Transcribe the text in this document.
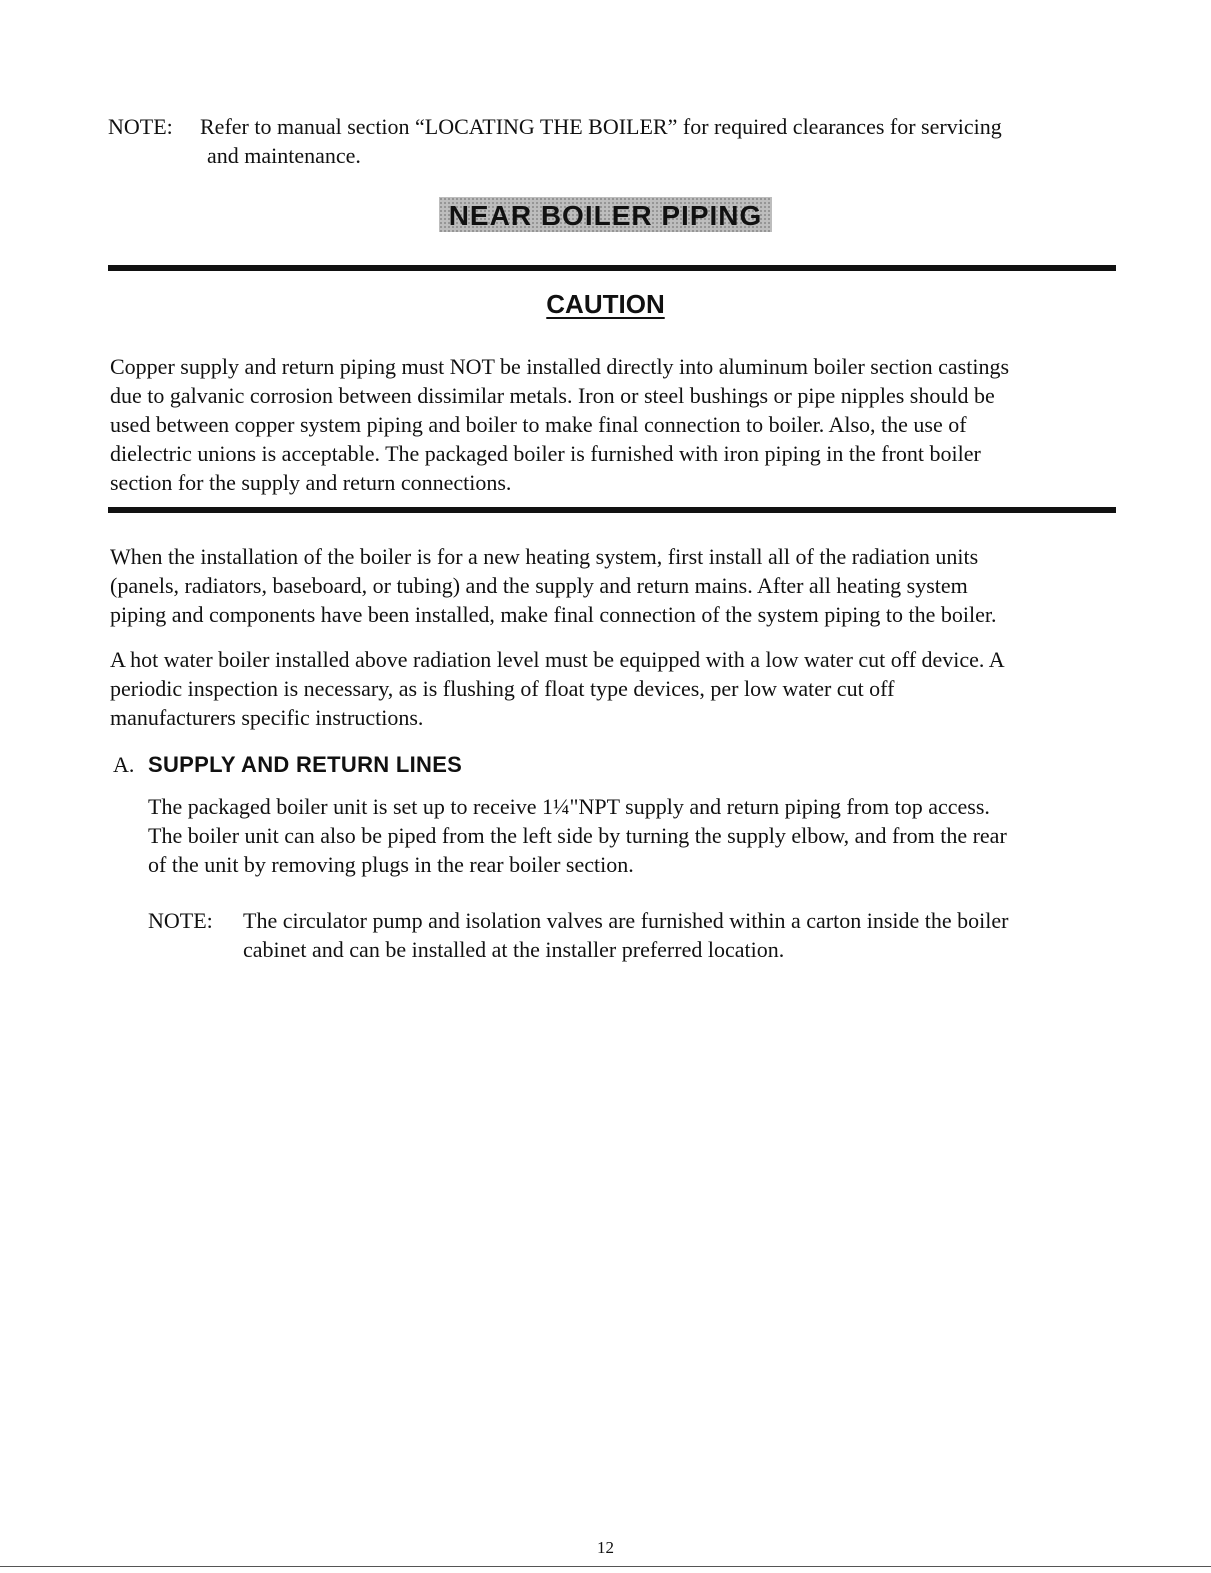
NOTE:	Refer to manual section “LOCATING THE BOILER” for required clearances for servicing
and maintenance.
NEAR BOILER PIPING
CAUTION
Copper supply and return piping must NOT be installed directly into aluminum boiler section castings
due to galvanic corrosion between dissimilar metals. Iron or steel bushings or pipe nipples should be
used between copper system piping and boiler to make final connection to boiler. Also, the use of
dielectric unions is acceptable. The packaged boiler is furnished with iron piping in the front boiler
section for the supply and return connections.
When the installation of the boiler is for a new heating system, first install all of the radiation units
(panels, radiators, baseboard, or tubing) and the supply and return mains. After all heating system
piping and components have been installed, make final connection of the system piping to the boiler.
A hot water boiler installed above radiation level must be equipped with a low water cut off device. A
periodic inspection is necessary, as is flushing of float type devices, per low water cut off
manufacturers specific instructions.
A. SUPPLY AND RETURN LINES
The packaged boiler unit is set up to receive 1¼"NPT supply and return piping from top access.
The boiler unit can also be piped from the left side by turning the supply elbow, and from the rear
of the unit by removing plugs in the rear boiler section.
NOTE:	The circulator pump and isolation valves are furnished within a carton inside the boiler
cabinet and can be installed at the installer preferred location.
12
